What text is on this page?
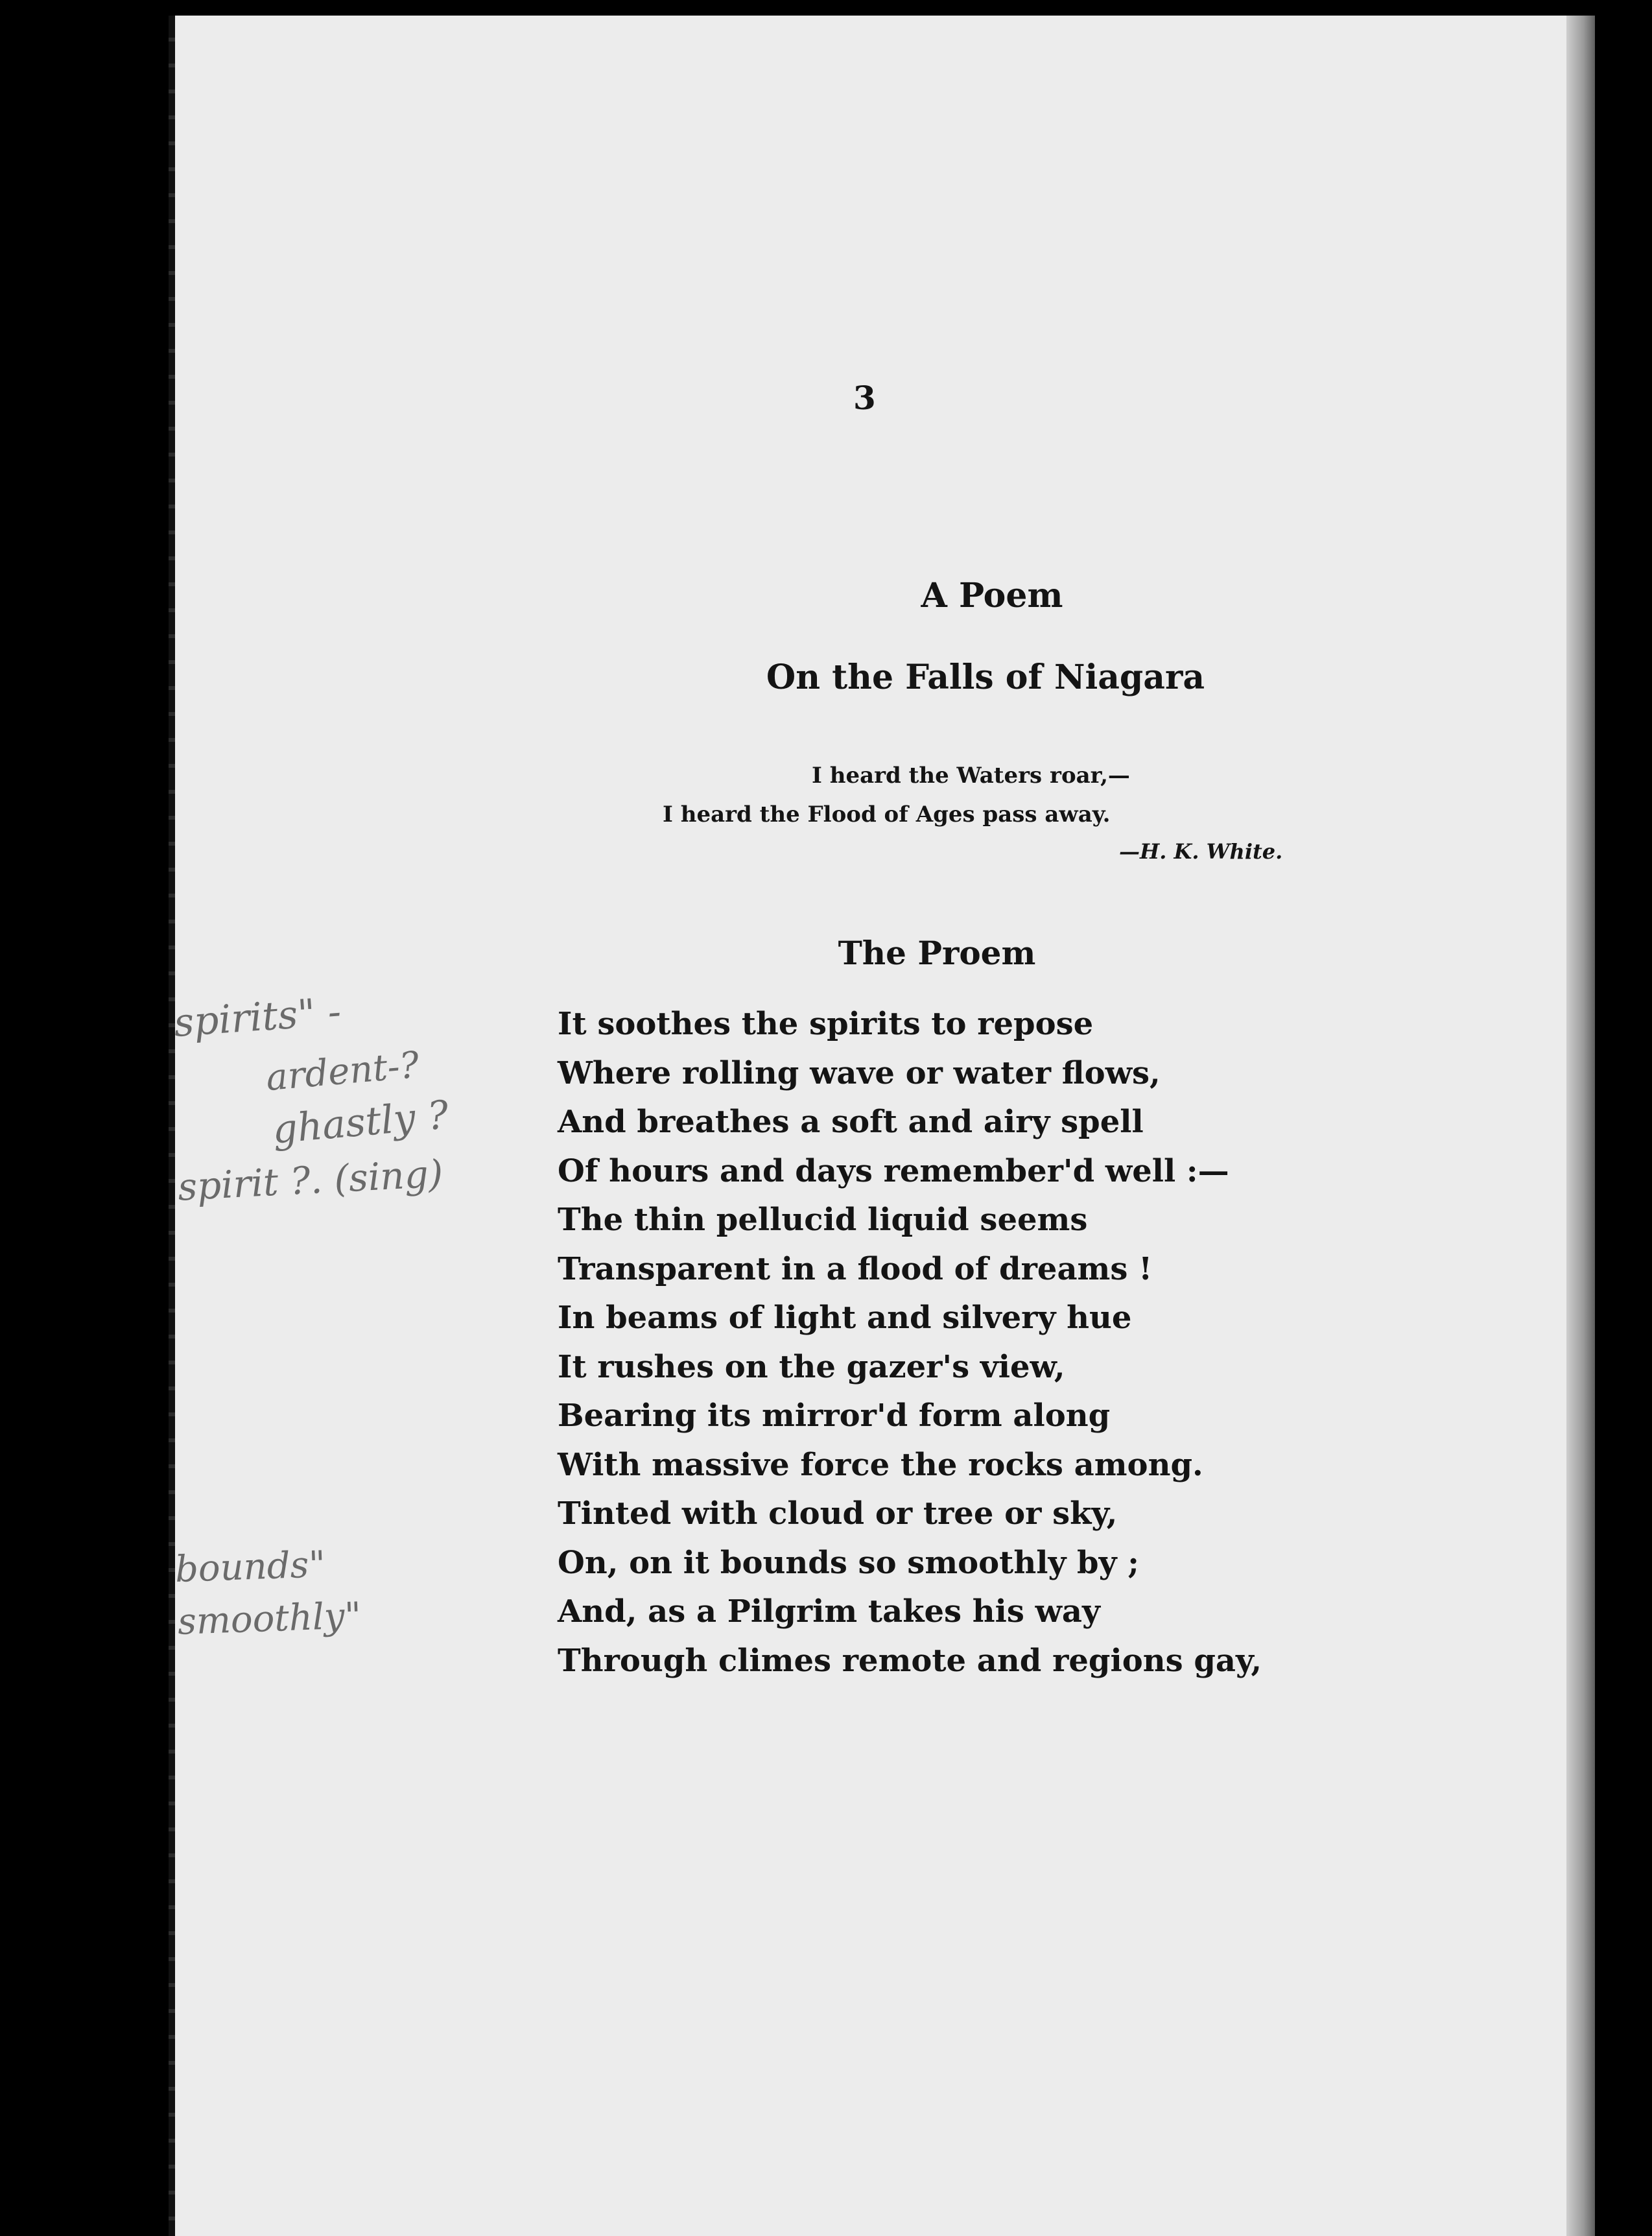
3
A Poem
On the Falls of Niagara
I heard the Waters roar,—
I heard the Flood of Ages pass away.
—H. K. White.
The Proem
It soothes the spirits to repose
Where rolling wave or water flows,
And breathes a soft and airy spell
Of hours and days remember'd well :—
The thin pellucid liquid seems
Transparent in a flood of dreams !
In beams of light and silvery hue
It rushes on the gazer's view,
Bearing its mirror'd form along
With massive force the rocks among.
Tinted with cloud or tree or sky,
On, on it bounds so smoothly by ;
And, as a Pilgrim takes his way
Through climes remote and regions gay,
spirits" -
ardent-?
ghastly ?
spirit ?. (sing)
bounds"
smoothly"
